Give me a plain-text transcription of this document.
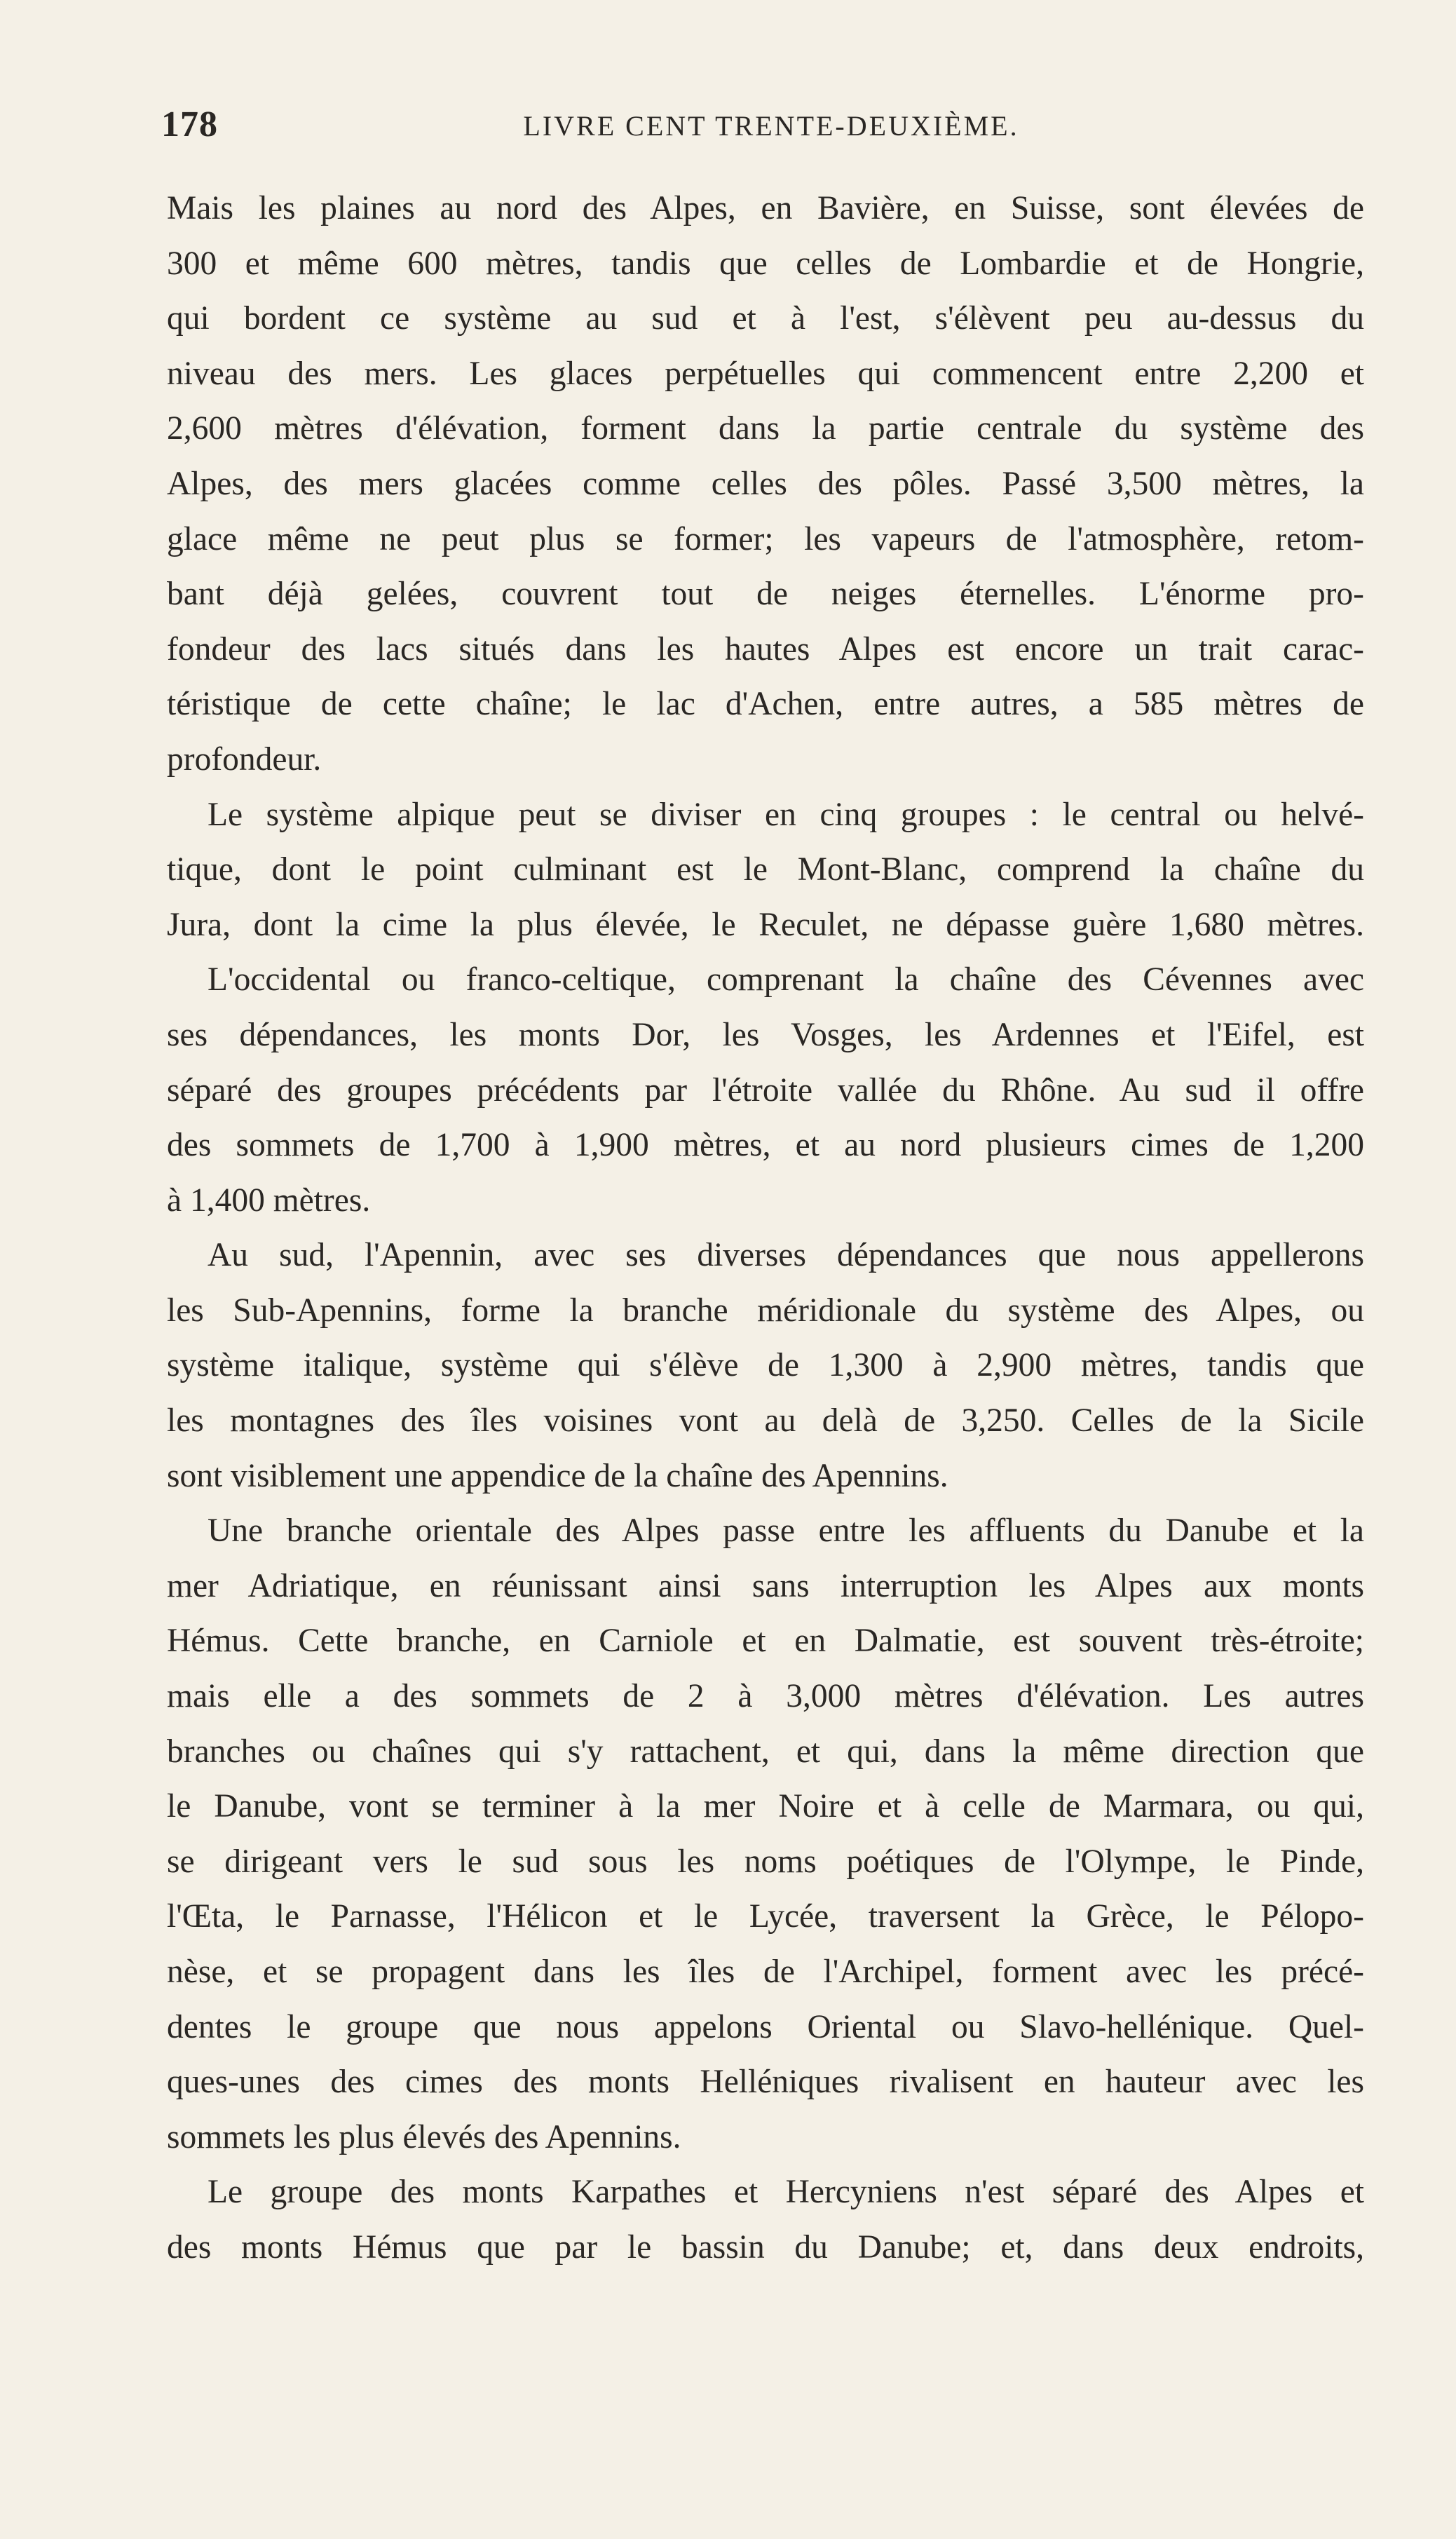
178	LIVRE CENT TRENTE-DEUXIÈME.
Mais les plaines au nord des Alpes, en Bavière, en Suisse, sont élevées de
300 et même 600 mètres, tandis que celles de Lombardie et de Hongrie,
qui bordent ce système au sud et à l'est, s'élèvent peu au-dessus du
niveau des mers. Les glaces perpétuelles qui commencent entre 2,200 et
2,600 mètres d'élévation, forment dans la partie centrale du système des
Alpes, des mers glacées comme celles des pôles. Passé 3,500 mètres, la
glace même ne peut plus se former; les vapeurs de l'atmosphère, retom-
bant déjà gelées, couvrent tout de neiges éternelles. L'énorme pro-
fondeur des lacs situés dans les hautes Alpes est encore un trait carac-
téristique de cette chaîne; le lac d'Achen, entre autres, a 585 mètres de
profondeur.
Le système alpique peut se diviser en cinq groupes : le central ou helvé-
tique, dont le point culminant est le Mont-Blanc, comprend la chaîne du
Jura, dont la cime la plus élevée, le Reculet, ne dépasse guère 1,680 mètres.
L'occidental ou franco-celtique, comprenant la chaîne des Cévennes avec
ses dépendances, les monts Dor, les Vosges, les Ardennes et l'Eifel, est
séparé des groupes précédents par l'étroite vallée du Rhône. Au sud il offre
des sommets de 1,700 à 1,900 mètres, et au nord plusieurs cimes de 1,200
à 1,400 mètres.
Au sud, l'Apennin, avec ses diverses dépendances que nous appellerons
les Sub-Apennins, forme la branche méridionale du système des Alpes, ou
système italique, système qui s'élève de 1,300 à 2,900 mètres, tandis que
les montagnes des îles voisines vont au delà de 3,250. Celles de la Sicile
sont visiblement une appendice de la chaîne des Apennins.
Une branche orientale des Alpes passe entre les affluents du Danube et la
mer Adriatique, en réunissant ainsi sans interruption les Alpes aux monts
Hémus. Cette branche, en Carniole et en Dalmatie, est souvent très-étroite;
mais elle a des sommets de 2 à 3,000 mètres d'élévation. Les autres
branches ou chaînes qui s'y rattachent, et qui, dans la même direction que
le Danube, vont se terminer à la mer Noire et à celle de Marmara, ou qui,
se dirigeant vers le sud sous les noms poétiques de l'Olympe, le Pinde,
l'Œta, le Parnasse, l'Hélicon et le Lycée, traversent la Grèce, le Pélopo-
nèse, et se propagent dans les îles de l'Archipel, forment avec les précé-
dentes le groupe que nous appelons Oriental ou Slavo-hellénique. Quel-
ques-unes des cimes des monts Helléniques rivalisent en hauteur avec les
sommets les plus élevés des Apennins.
Le groupe des monts Karpathes et Hercyniens n'est séparé des Alpes et
des monts Hémus que par le bassin du Danube; et, dans deux endroits,
